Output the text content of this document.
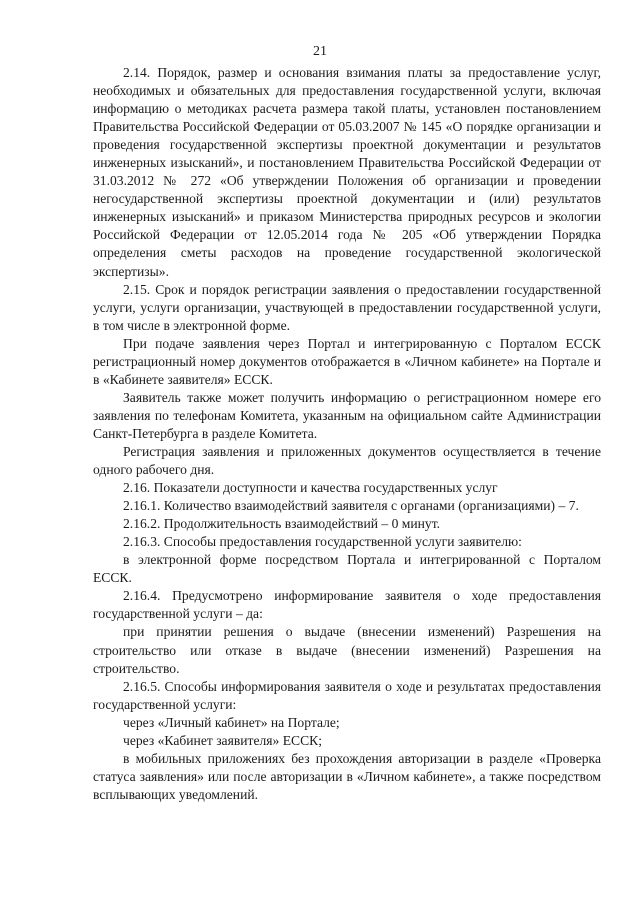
21

2.14. Порядок, размер и основания взимания платы за предоставление услуг, необходимых и обязательных для предоставления государственной услуги, включая информацию о методиках расчета размера такой платы, установлен постановлением Правительства Российской Федерации от 05.03.2007 № 145 «О порядке организации и проведения государственной экспертизы проектной документации и результатов инженерных изысканий», и постановлением Правительства Российской Федерации от 31.03.2012 № 272 «Об утверждении Положения об организации и проведении негосударственной экспертизы проектной документации и (или) результатов инженерных изысканий» и приказом Министерства природных ресурсов и экологии Российской Федерации от 12.05.2014 года № 205 «Об утверждении Порядка определения сметы расходов на проведение государственной экологической экспертизы».

2.15. Срок и порядок регистрации заявления о предоставлении государственной услуги, услуги организации, участвующей в предоставлении государственной услуги, в том числе в электронной форме.

При подаче заявления через Портал и интегрированную с Порталом ЕССК регистрационный номер документов отображается в «Личном кабинете» на Портале и в «Кабинете заявителя» ЕССК.

Заявитель также может получить информацию о регистрационном номере его заявления по телефонам Комитета, указанным на официальном сайте Администрации Санкт-Петербурга в разделе Комитета.

Регистрация заявления и приложенных документов осуществляется в течение одного рабочего дня.

2.16. Показатели доступности и качества государственных услуг

2.16.1. Количество взаимодействий заявителя с органами (организациями) – 7.

2.16.2. Продолжительность взаимодействий – 0 минут.

2.16.3. Способы предоставления государственной услуги заявителю:

в электронной форме посредством Портала и интегрированной с Порталом ЕССК.

2.16.4. Предусмотрено информирование заявителя о ходе предоставления государственной услуги – да:

при принятии решения о выдаче (внесении изменений) Разрешения на строительство или отказе в выдаче (внесении изменений) Разрешения на строительство.

2.16.5. Способы информирования заявителя о ходе и результатах предоставления государственной услуги:

через «Личный кабинет» на Портале;

через «Кабинет заявителя» ЕССК;

в мобильных приложениях без прохождения авторизации в разделе «Проверка статуса заявления» или после авторизации в «Личном кабинете», а также посредством всплывающих уведомлений.
